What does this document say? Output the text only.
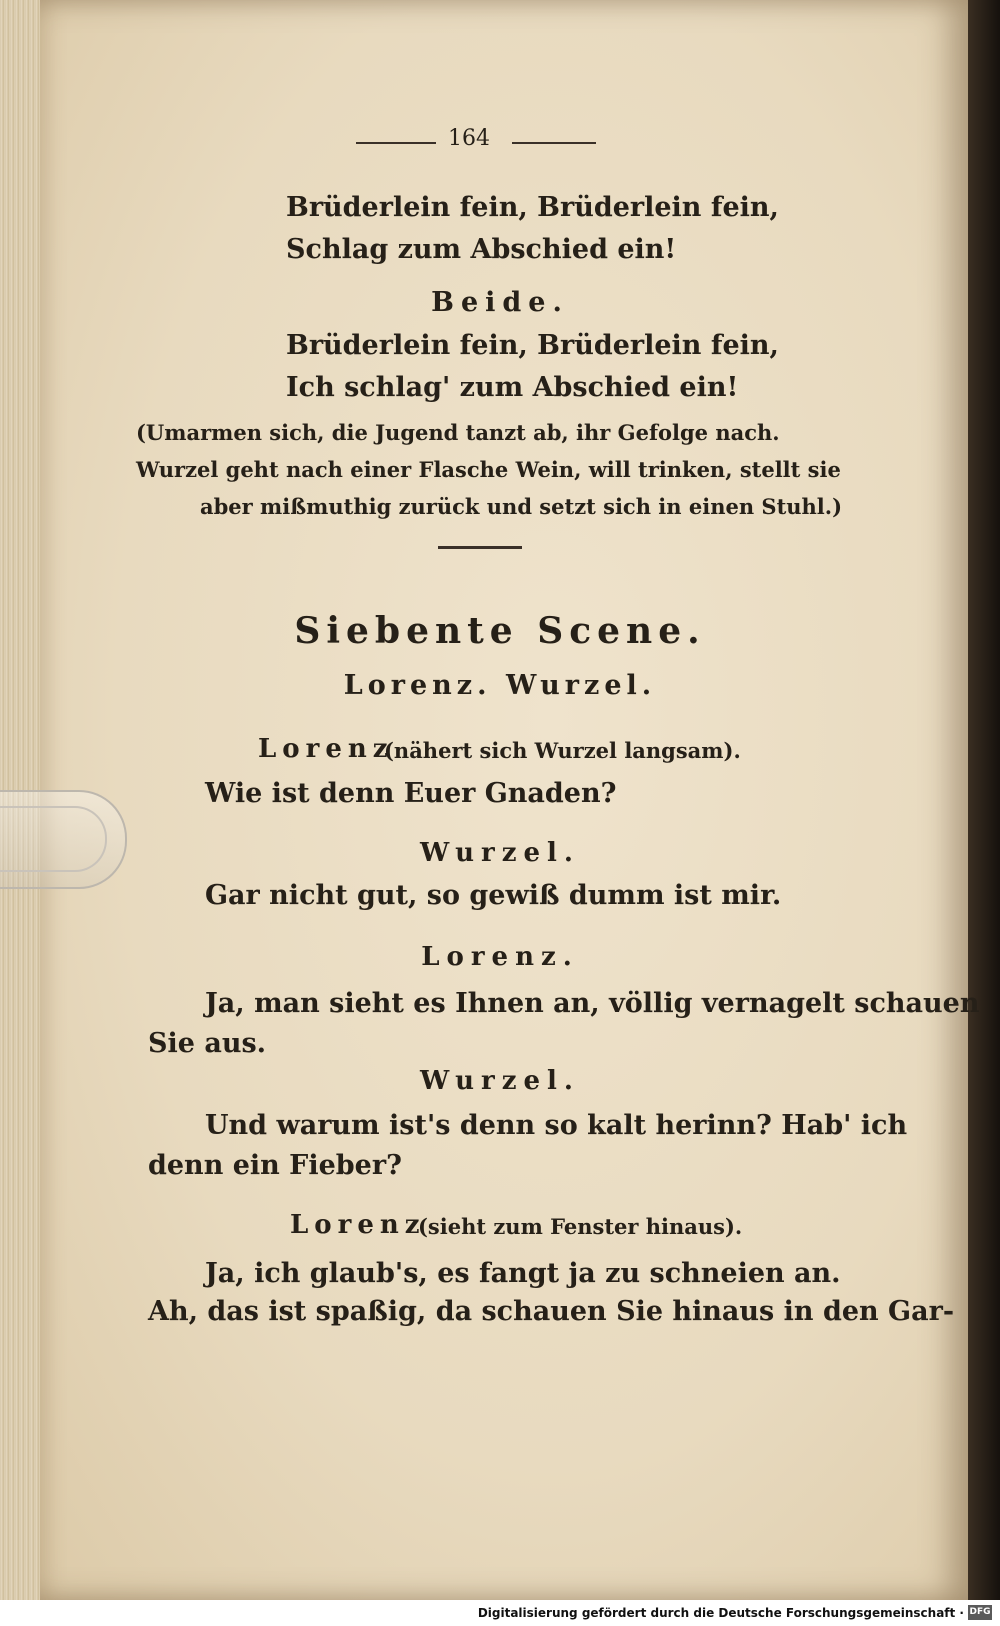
164
Brüderlein fein, Brüderlein fein,
Schlag zum Abschied ein!
Beide.
Brüderlein fein, Brüderlein fein,
Ich schlag' zum Abschied ein!
(Umarmen sich, die Jugend tanzt ab, ihr Gefolge nach.
Wurzel geht nach einer Flasche Wein, will trinken, stellt sie
aber mißmuthig zurück und setzt sich in einen Stuhl.)
Siebente Scene.
Lorenz. Wurzel.
Lorenz
(nähert sich Wurzel langsam).
Wie ist denn Euer Gnaden?
Wurzel.
Gar nicht gut, so gewiß dumm ist mir.
Lorenz.
Ja, man sieht es Ihnen an, völlig vernagelt schauen
Sie aus.
Wurzel.
Und warum ist's denn so kalt herinn? Hab' ich
denn ein Fieber?
Lorenz
(sieht zum Fenster hinaus).
Ja, ich glaub's, es fangt ja zu schneien an.
Ah, das ist spaßig, da schauen Sie hinaus in den Gar-
Digitalisierung gefördert durch die Deutsche Forschungsgemeinschaft · DFG
